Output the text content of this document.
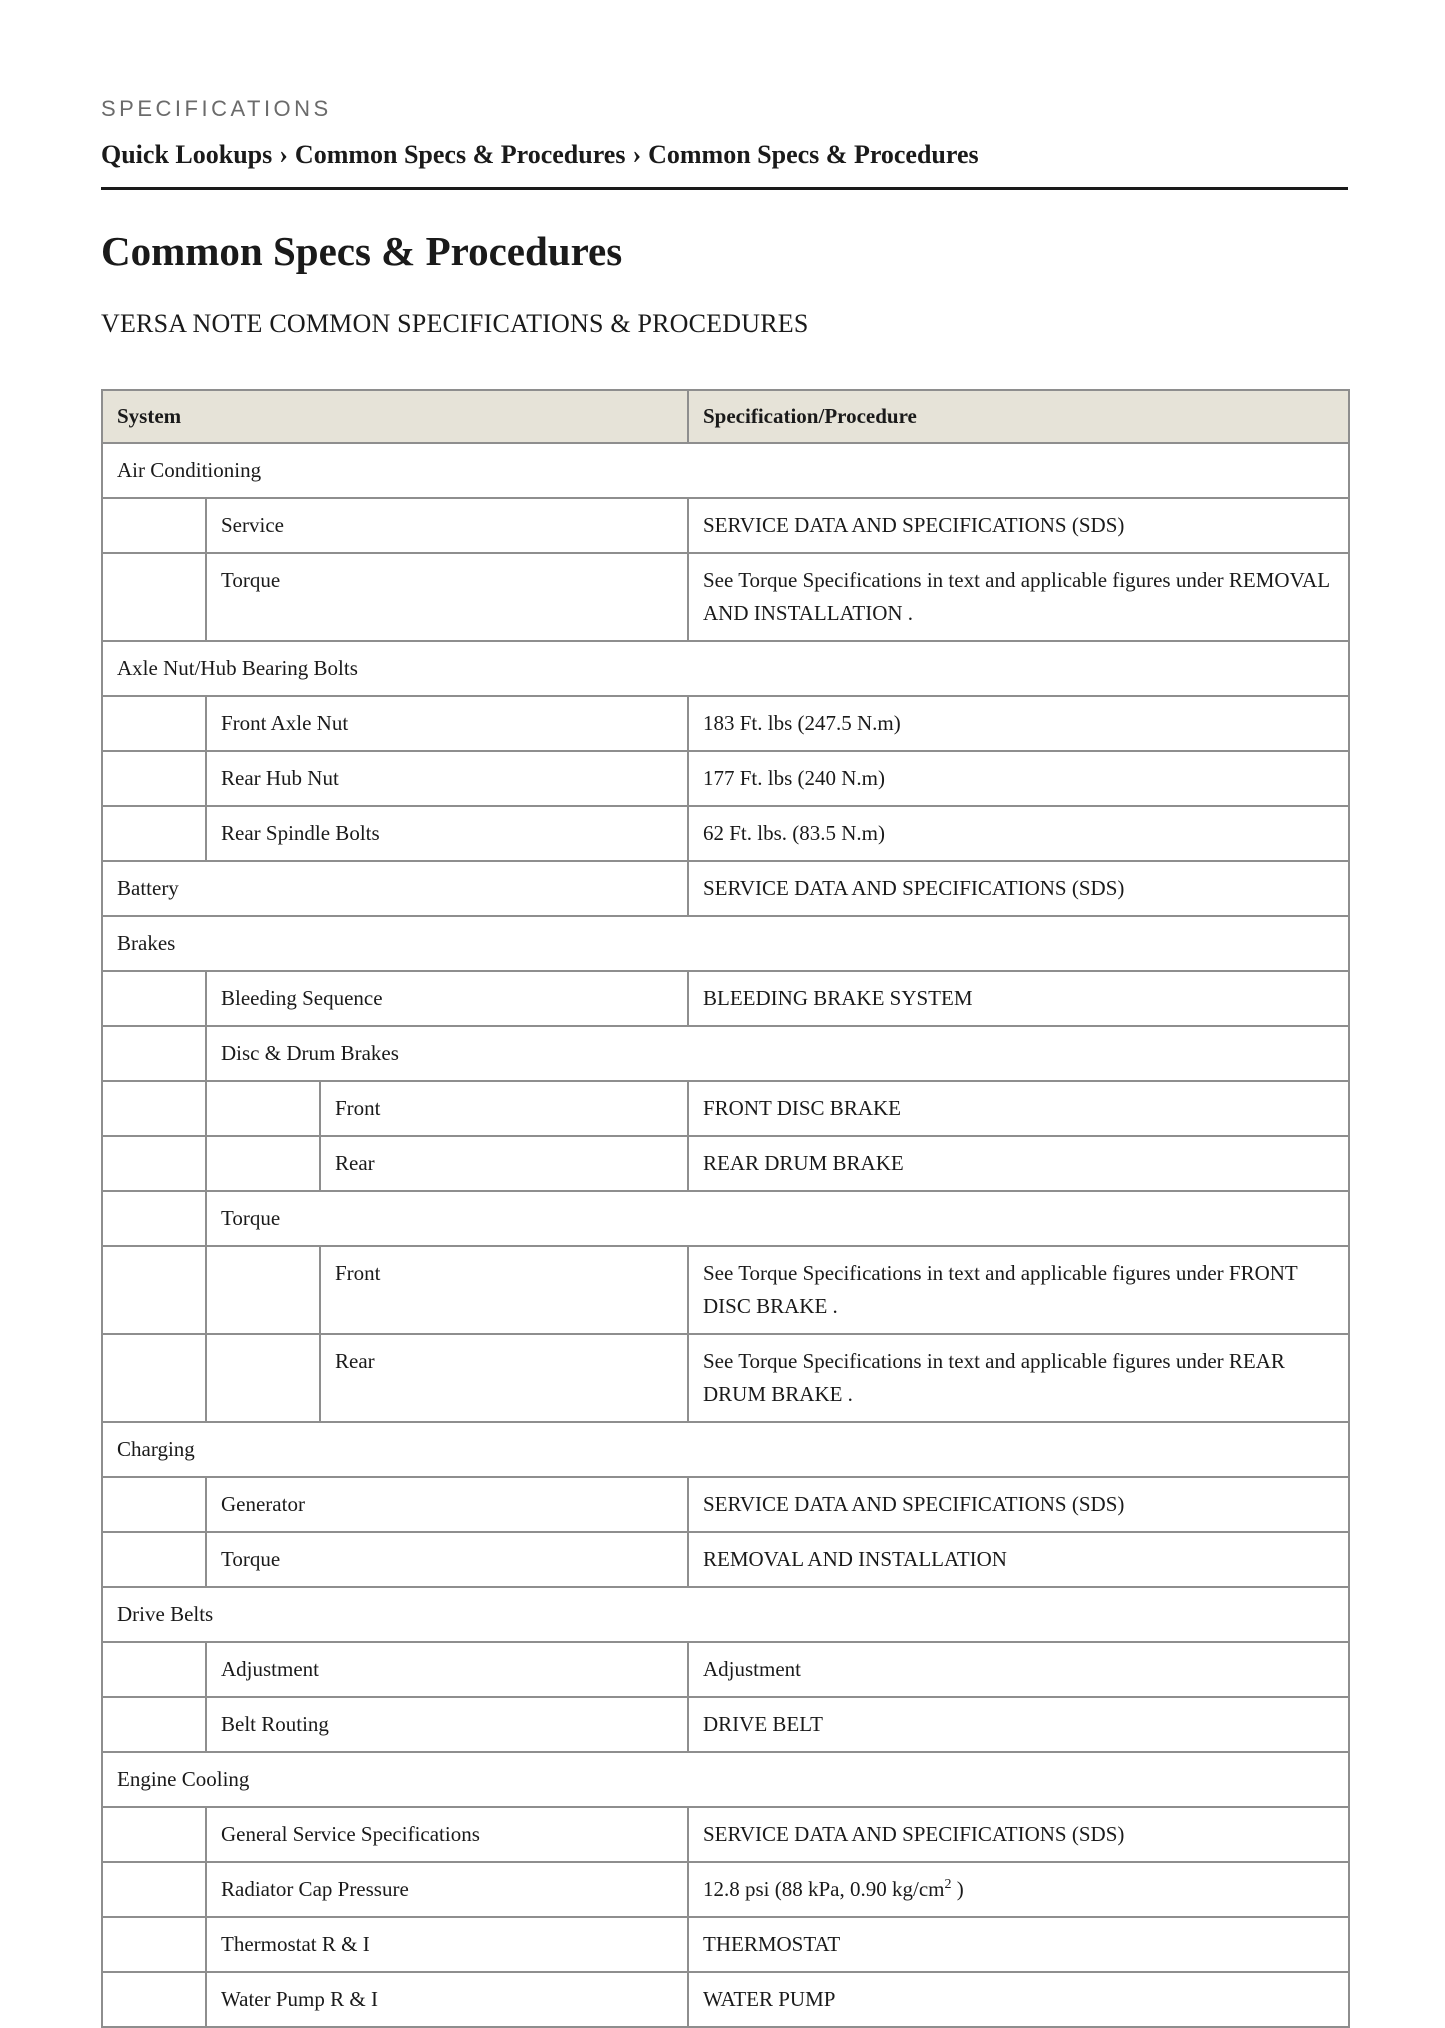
SPECIFICATIONS

Quick Lookups › Common Specs & Procedures › Common Specs & Procedures

Common Specs & Procedures
VERSA NOTE COMMON SPECIFICATIONS & PROCEDURES
System			Specification/Procedure
Air Conditioning			
	Service		SERVICE DATA AND SPECIFICATIONS (SDS)
	Torque		See Torque Specifications in text and applicable figures under REMOVAL AND INSTALLATION .
Axle Nut/Hub Bearing Bolts			
	Front Axle Nut		183 Ft. lbs (247.5 N.m)
	Rear Hub Nut		177 Ft. lbs (240 N.m)
	Rear Spindle Bolts		62 Ft. lbs. (83.5 N.m)
Battery			SERVICE DATA AND SPECIFICATIONS (SDS)
Brakes			
	Bleeding Sequence		BLEEDING BRAKE SYSTEM
	Disc & Drum Brakes		
		Front	FRONT DISC BRAKE
		Rear	REAR DRUM BRAKE
	Torque		
		Front	See Torque Specifications in text and applicable figures under FRONT DISC BRAKE .
		Rear	See Torque Specifications in text and applicable figures under REAR DRUM BRAKE .
Charging			
	Generator		SERVICE DATA AND SPECIFICATIONS (SDS)
	Torque		REMOVAL AND INSTALLATION
Drive Belts			
	Adjustment		Adjustment
	Belt Routing		DRIVE BELT
Engine Cooling			
	General Service Specifications		SERVICE DATA AND SPECIFICATIONS (SDS)
	Radiator Cap Pressure		12.8 psi (88 kPa, 0.90 $kg/cm^2$ )
	Thermostat R & I		THERMOSTAT
	Water Pump R & I		WATER PUMP
